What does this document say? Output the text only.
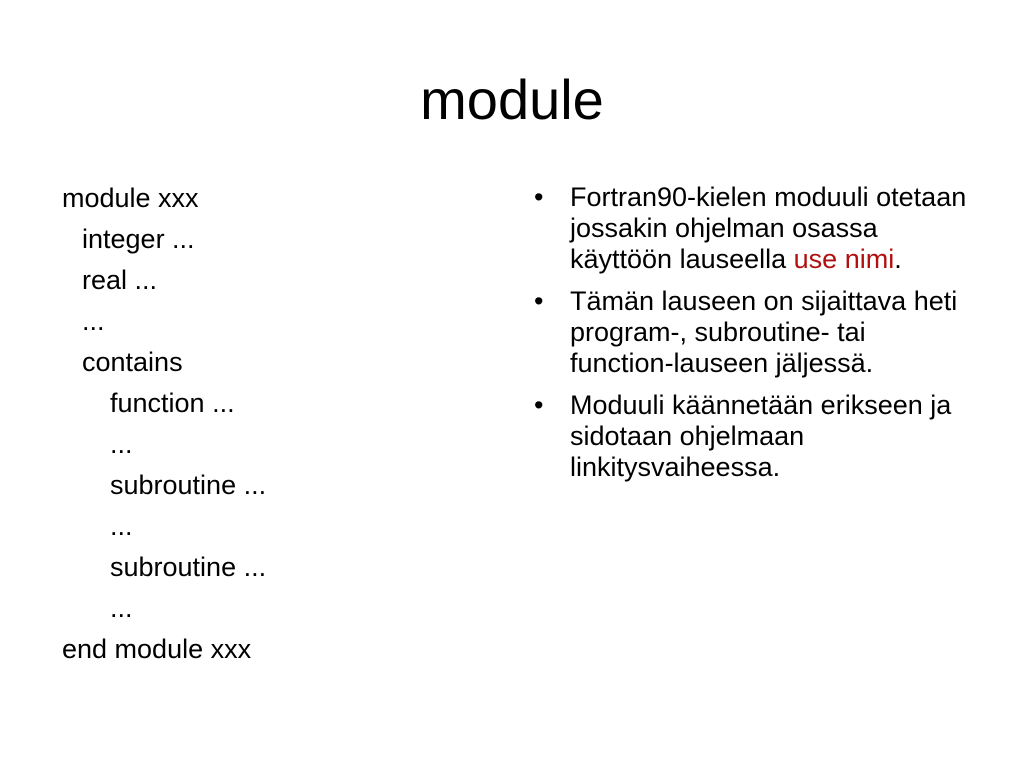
module
module xxx
integer ...
real ...
...
contains
function ...
...
subroutine ...
...
subroutine ...
...
end module xxx
• Fortran90-kielen moduuli otetaan jossakin ohjelman osassa käyttöön lauseella use nimi.
• Tämän lauseen on sijaittava heti program-, subroutine- tai function-lauseen jäljessä.
• Moduuli käännetään erikseen ja sidotaan ohjelmaan linkitysvaiheessa.
